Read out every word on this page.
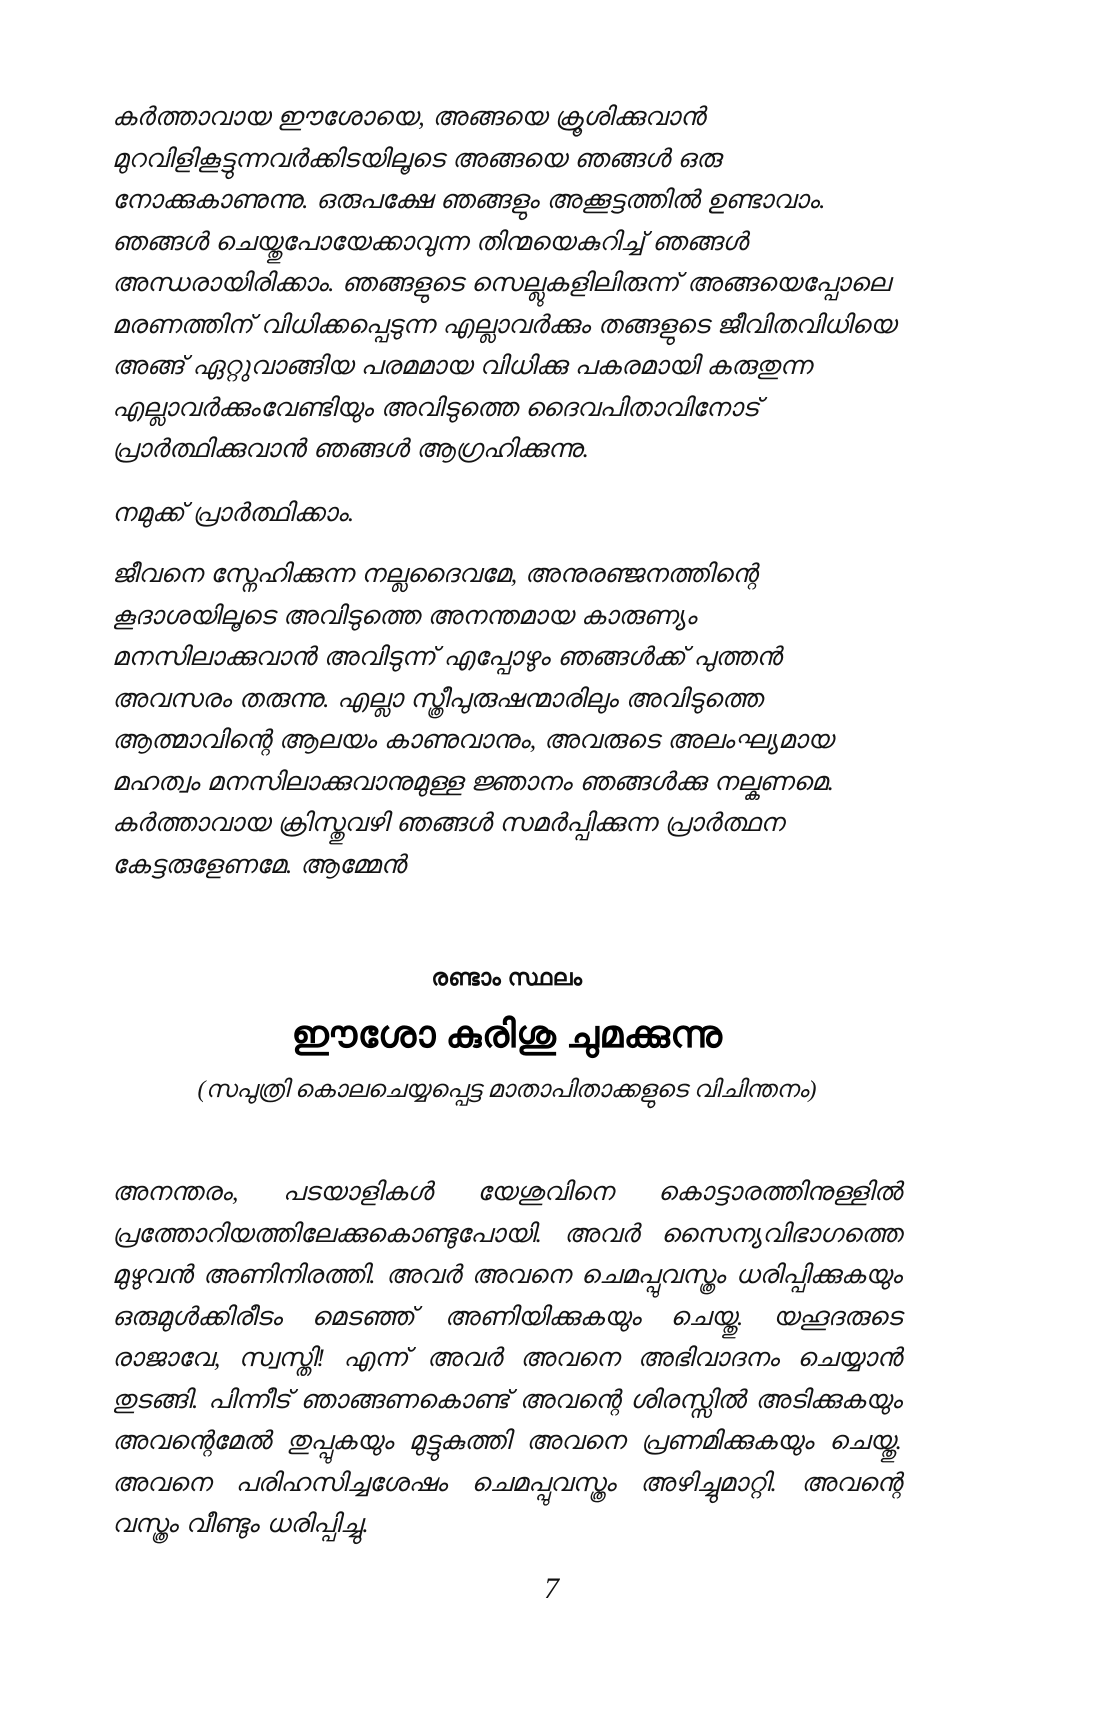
കർത്താവായ ഈശോയെ, അങ്ങയെ ക്രൂശിക്കുവാൻ മുറവിളികൂട്ടുന്നവർക്കിടയിലൂടെ അങ്ങയെ ഞങ്ങൾ ഒരു നോക്കുകാണുന്നു. ഒരുപക്ഷേ ഞങ്ങളും അക്കൂട്ടത്തിൽ ഉണ്ടാവാം. ഞങ്ങൾ ചെയ്തുപോയേക്കാവുന്ന തിന്മയെകുറിച്ച് ഞങ്ങൾ അന്ധരായിരിക്കാം. ഞങ്ങളുടെ സെല്ലുകളിലിരുന്ന് അങ്ങയെപ്പോലെ മരണത്തിന് വിധിക്കപ്പെടുന്ന എല്ലാവർക്കും തങ്ങളുടെ ജീവിതവിധിയെ അങ്ങ് ഏറ്റുവാങ്ങിയ പരമമായ വിധിക്കു പകരമായി കരുതുന്ന എല്ലാവർക്കുംവേണ്ടിയും അവിടുത്തെ ദൈവപിതാവിനോട് പ്രാർത്ഥിക്കുവാൻ ഞങ്ങൾ ആഗ്രഹിക്കുന്നു.

നമുക്ക് പ്രാർത്ഥിക്കാം.

ജീവനെ സ്നേഹിക്കുന്ന നല്ലദൈവമേ, അനുരഞ്ജനത്തിന്റെ കൂദാശയിലൂടെ അവിടുത്തെ അനന്തമായ കാരുണ്യം മനസിലാക്കുവാൻ അവിടുന്ന് എപ്പോഴും ഞങ്ങൾക്ക് പുത്തൻ അവസരം തരുന്നു. എല്ലാ സ്ത്രീപുരുഷന്മാരിലും അവിടുത്തെ ആത്മാവിന്റെ ആലയം കാണുവാനും, അവരുടെ അലംഘ്യമായ മഹത്വം മനസിലാക്കുവാനുമുള്ള ജ്ഞാനം ഞങ്ങൾക്കു നല്കണമെ. കർത്താവായ ക്രിസ്തുവഴി ഞങ്ങൾ സമർപ്പിക്കുന്ന പ്രാർത്ഥന കേട്ടരുളേണമേ. ആമ്മേൻ

രണ്ടാം സ്ഥലം

ഈശോ കുരിശു ചുമക്കുന്നു

(സപുത്രി കൊലചെയ്യപ്പെട്ട മാതാപിതാക്കളുടെ വിചിന്തനം)

അനന്തരം, പടയാളികൾ യേശുവിനെ കൊട്ടാരത്തിനുള്ളിൽ പ്രത്തോറിയത്തിലേക്കുകൊണ്ടുപോയി. അവർ സൈന്യവിഭാഗത്തെ മുഴുവൻ അണിനിരത്തി. അവർ അവനെ ചെമപ്പുവസ്ത്രം ധരിപ്പിക്കുകയും ഒരുമുൾക്കിരീടം മെടഞ്ഞ് അണിയിക്കുകയും ചെയ്തു. യഹൂദരുടെ രാജാവേ, സ്വസ്തി! എന്ന് അവർ അവനെ അഭിവാദനം ചെയ്യാൻ തുടങ്ങി. പിന്നീട് ഞാങ്ങണകൊണ്ട് അവന്റെ ശിരസ്സിൽ അടിക്കുകയും അവന്റെമേൽ തുപ്പുകയും മുട്ടുകുത്തി അവനെ പ്രണമിക്കുകയും ചെയ്തു. അവനെ പരിഹസിച്ചശേഷം ചെമപ്പുവസ്ത്രം അഴിച്ചുമാറ്റി. അവന്റെ വസ്ത്രം വീണ്ടും ധരിപ്പിച്ചു.

7
